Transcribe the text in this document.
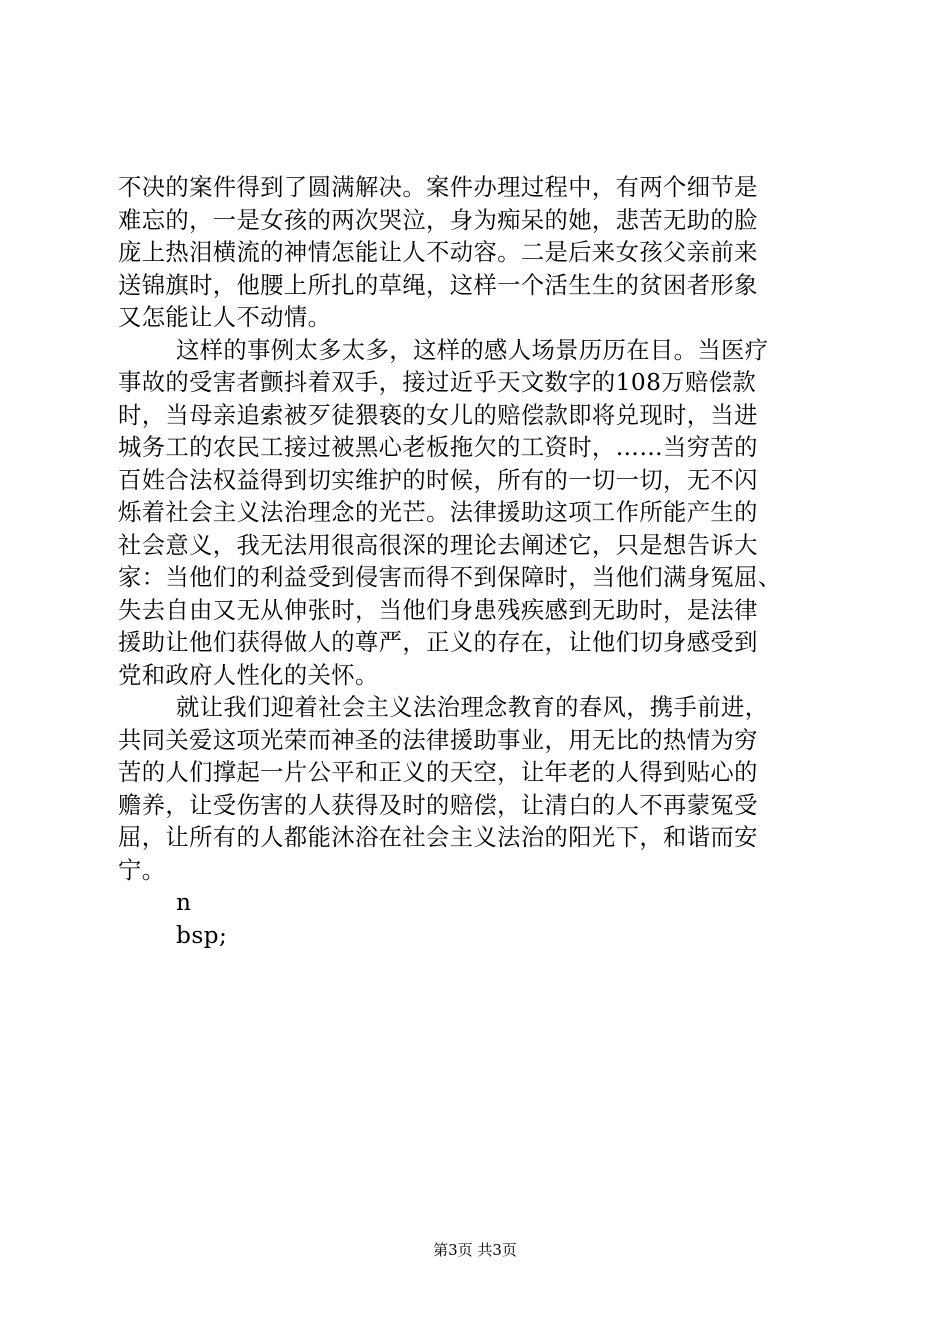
不决的案件得到了圆满解决。案件办理过程中，有两个细节是
难忘的，一是女孩的两次哭泣，身为痴呆的她，悲苦无助的脸
庞上热泪横流的神情怎能让人不动容。二是后来女孩父亲前来
送锦旗时，他腰上所扎的草绳，这样一个活生生的贫困者形象
又怎能让人不动情。
这样的事例太多太多，这样的感人场景历历在目。当医疗
事故的受害者颤抖着双手，接过近乎天文数字的108万赔偿款
时，当母亲追索被歹徒猥亵的女儿的赔偿款即将兑现时，当进
城务工的农民工接过被黑心老板拖欠的工资时，……当穷苦的
百姓合法权益得到切实维护的时候，所有的一切一切，无不闪
烁着社会主义法治理念的光芒。法律援助这项工作所能产生的
社会意义，我无法用很高很深的理论去阐述它，只是想告诉大
家：当他们的利益受到侵害而得不到保障时，当他们满身冤屈、
失去自由又无从伸张时，当他们身患残疾感到无助时，是法律
援助让他们获得做人的尊严，正义的存在，让他们切身感受到
党和政府人性化的关怀。
就让我们迎着社会主义法治理念教育的春风，携手前进，
共同关爱这项光荣而神圣的法律援助事业，用无比的热情为穷
苦的人们撑起一片公平和正义的天空，让年老的人得到贴心的
赡养，让受伤害的人获得及时的赔偿，让清白的人不再蒙冤受
屈，让所有的人都能沐浴在社会主义法治的阳光下，和谐而安
宁。
n
bsp;
第3页 共3页
